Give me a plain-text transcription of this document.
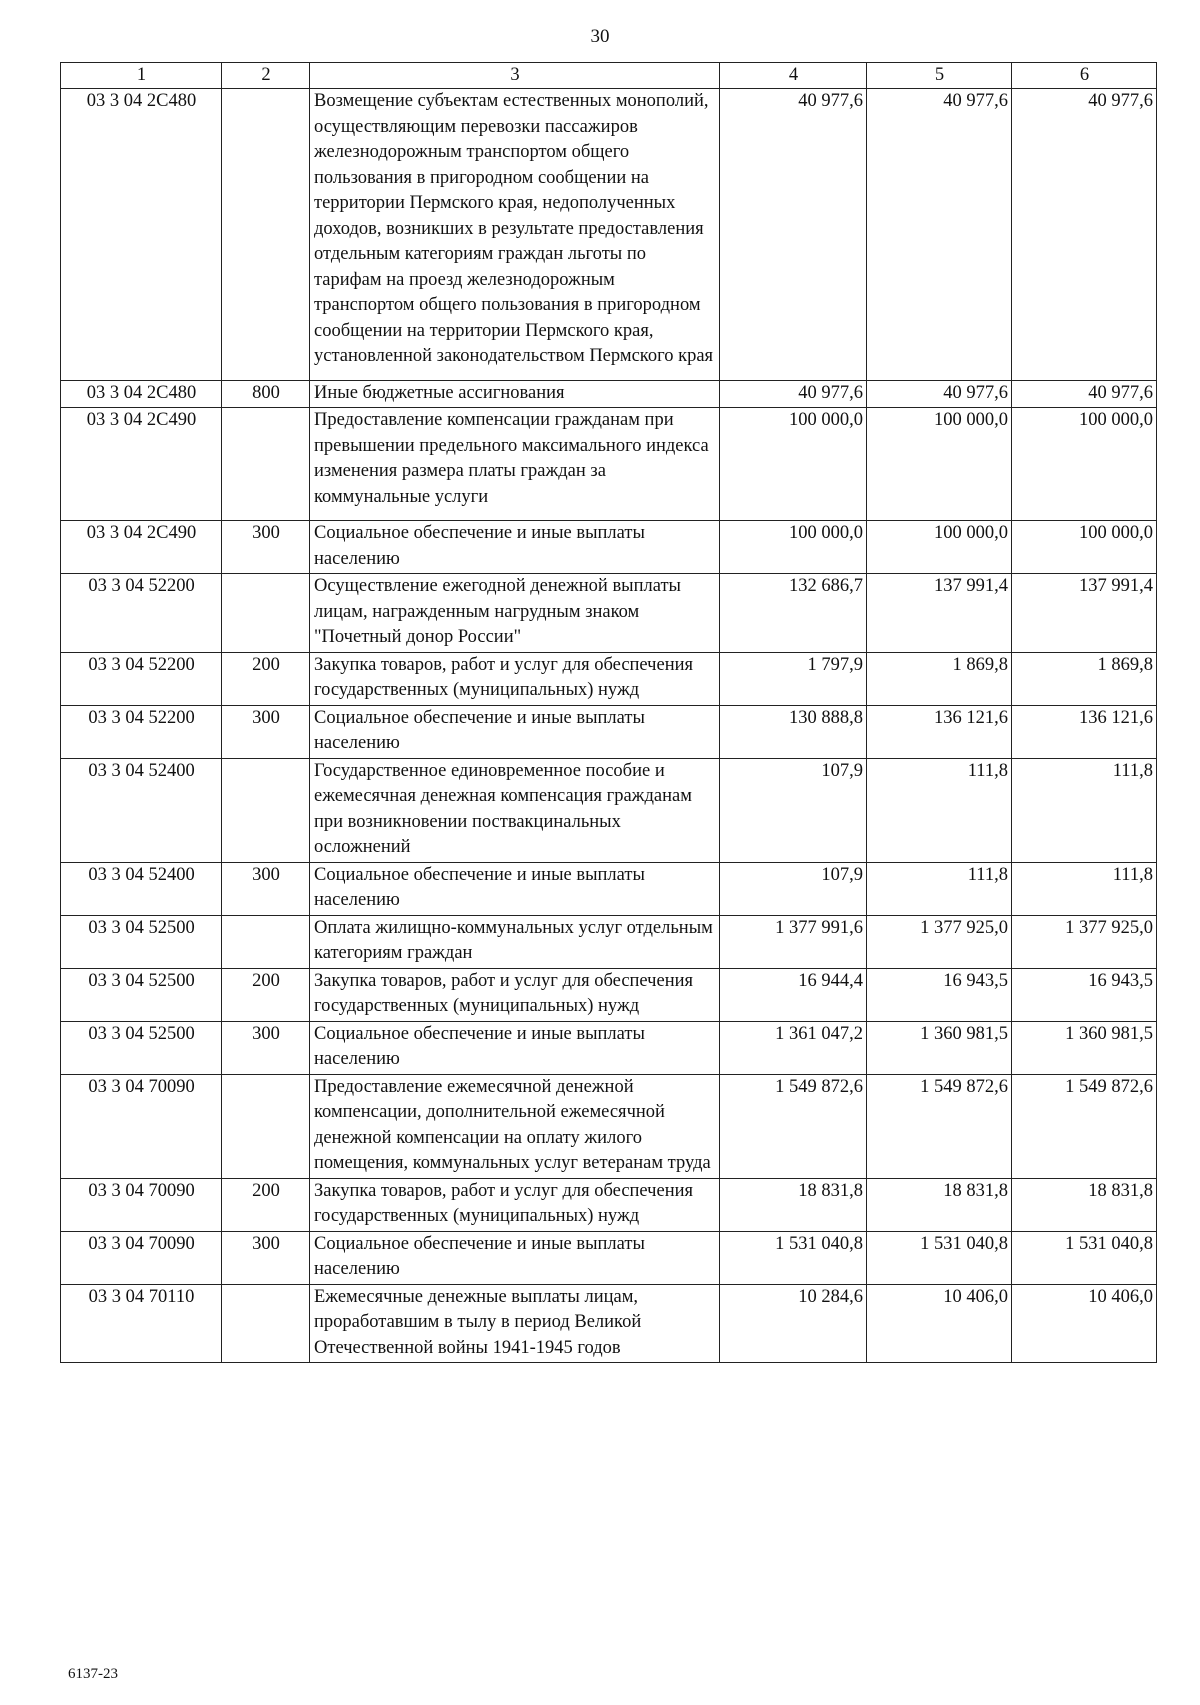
30
1	2	3	4	5	6
03 3 04 2С480		Возмещение субъектам естественных монополий, осуществляющим перевозки пассажиров железнодорожным транспортом общего пользования в пригородном сообщении на территории Пермского края, недополученных доходов, возникших в результате предоставления отдельным категориям граждан льготы по тарифам на проезд железнодорожным транспортом общего пользования в пригородном сообщении на территории Пермского края, установленной законодательством Пермского края	40 977,6	40 977,6	40 977,6
03 3 04 2С480	800	Иные бюджетные ассигнования	40 977,6	40 977,6	40 977,6
03 3 04 2С490		Предоставление компенсации гражданам при превышении предельного максимального индекса изменения размера платы граждан за коммунальные услуги	100 000,0	100 000,0	100 000,0
03 3 04 2С490	300	Социальное обеспечение и иные выплаты населению	100 000,0	100 000,0	100 000,0
03 3 04 52200		Осуществление ежегодной денежной выплаты лицам, награжденным нагрудным знаком "Почетный донор России"	132 686,7	137 991,4	137 991,4
03 3 04 52200	200	Закупка товаров, работ и услуг для обеспечения государственных (муниципальных) нужд	1 797,9	1 869,8	1 869,8
03 3 04 52200	300	Социальное обеспечение и иные выплаты населению	130 888,8	136 121,6	136 121,6
03 3 04 52400		Государственное единовременное пособие и ежемесячная денежная компенсация гражданам при возникновении поствакцинальных осложнений	107,9	111,8	111,8
03 3 04 52400	300	Социальное обеспечение и иные выплаты населению	107,9	111,8	111,8
03 3 04 52500		Оплата жилищно-коммунальных услуг отдельным категориям граждан	1 377 991,6	1 377 925,0	1 377 925,0
03 3 04 52500	200	Закупка товаров, работ и услуг для обеспечения государственных (муниципальных) нужд	16 944,4	16 943,5	16 943,5
03 3 04 52500	300	Социальное обеспечение и иные выплаты населению	1 361 047,2	1 360 981,5	1 360 981,5
03 3 04 70090		Предоставление ежемесячной денежной компенсации, дополнительной ежемесячной денежной компенсации на оплату жилого помещения, коммунальных услуг ветеранам труда	1 549 872,6	1 549 872,6	1 549 872,6
03 3 04 70090	200	Закупка товаров, работ и услуг для обеспечения государственных (муниципальных) нужд	18 831,8	18 831,8	18 831,8
03 3 04 70090	300	Социальное обеспечение и иные выплаты населению	1 531 040,8	1 531 040,8	1 531 040,8
03 3 04 70110		Ежемесячные денежные выплаты лицам, проработавшим в тылу в период Великой Отечественной войны 1941-1945 годов	10 284,6	10 406,0	10 406,0
6137-23
